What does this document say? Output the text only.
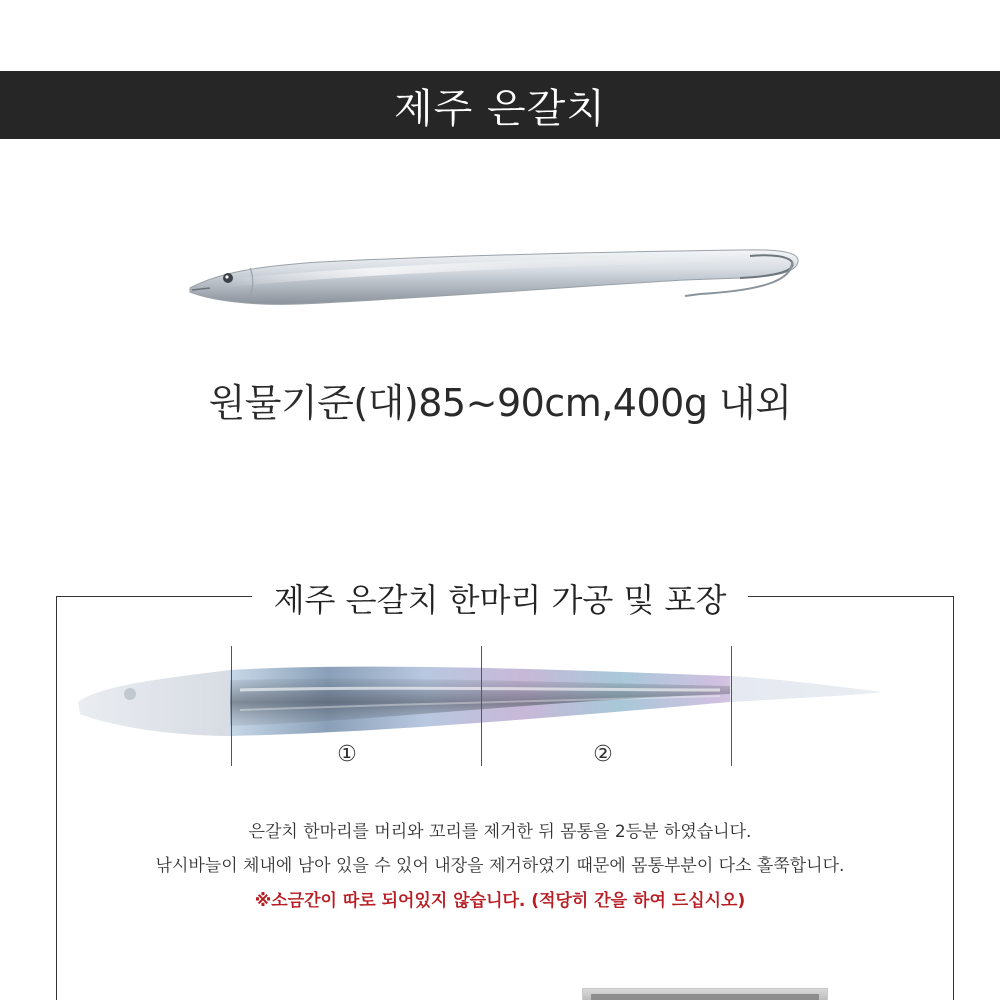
제주 은갈치
원물기준(대)85~90cm,400g 내외
제주 은갈치 한마리 가공 및 포장
①	②
은갈치 한마리를 머리와 꼬리를 제거한 뒤 몸통을 2등분 하였습니다.
낚시바늘이 체내에 남아 있을 수 있어 내장을 제거하였기 때문에 몸통부분이 다소 홀쭉합니다.
※소금간이 따로 되어있지 않습니다. (적당히 간을 하여 드십시오)
